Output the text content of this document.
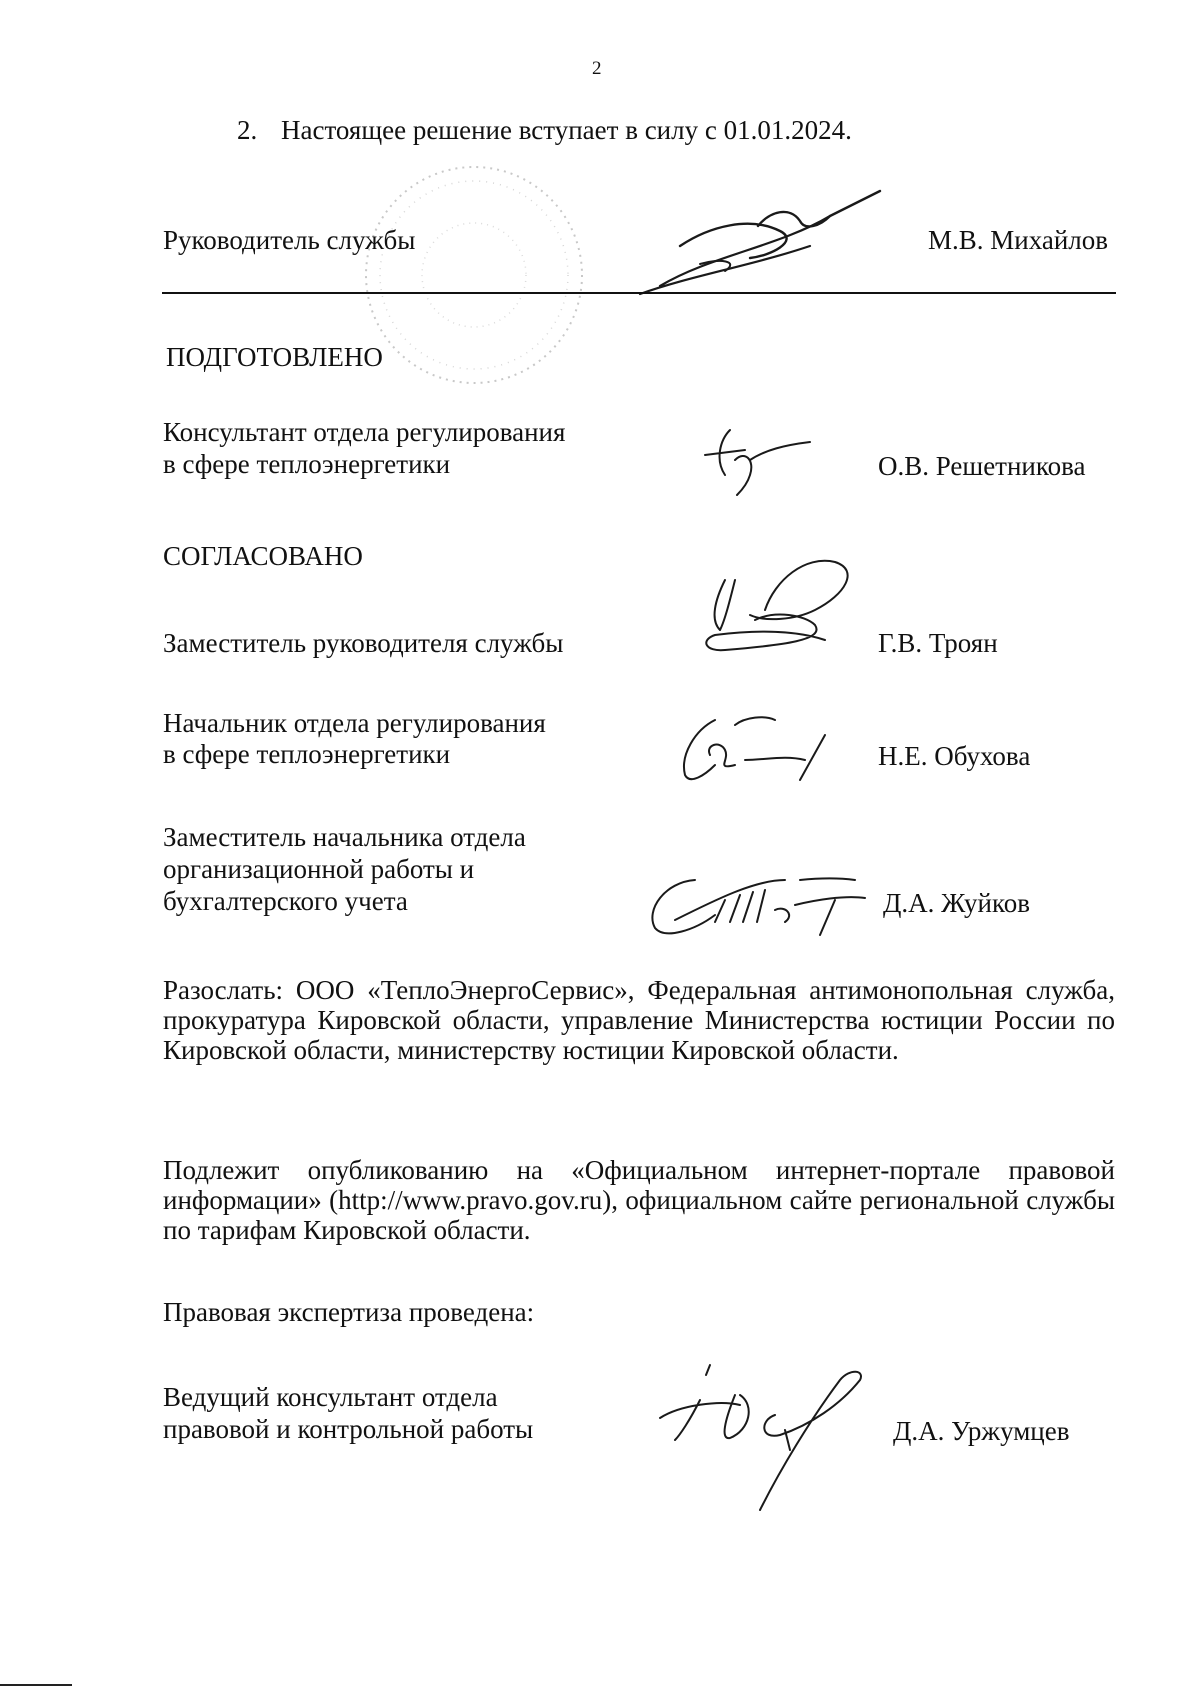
2
2. Настоящее решение вступает в силу с 01.01.2024.
Руководитель службы	М.В. Михайлов
ПОДГОТОВЛЕНО
Консультант отдела регулирования
в сфере теплоэнергетики	О.В. Решетникова
СОГЛАСОВАНО
Заместитель руководителя службы	Г.В. Троян
Начальник отдела регулирования
в сфере теплоэнергетики	Н.Е. Обухова
Заместитель начальника отдела
организационной работы и
бухгалтерского учета	Д.А. Жуйков
Разослать: ООО «ТеплоЭнергоСервис», Федеральная антимонопольная служба, прокуратура Кировской области, управление Министерства юстиции России по Кировской области, министерству юстиции Кировской области.
Подлежит опубликованию на «Официальном интернет-портале правовой информации» (http://www.pravo.gov.ru), официальном сайте региональной службы по тарифам Кировской области.
Правовая экспертиза проведена:
Ведущий консультант отдела
правовой и контрольной работы	Д.А. Уржумцев
